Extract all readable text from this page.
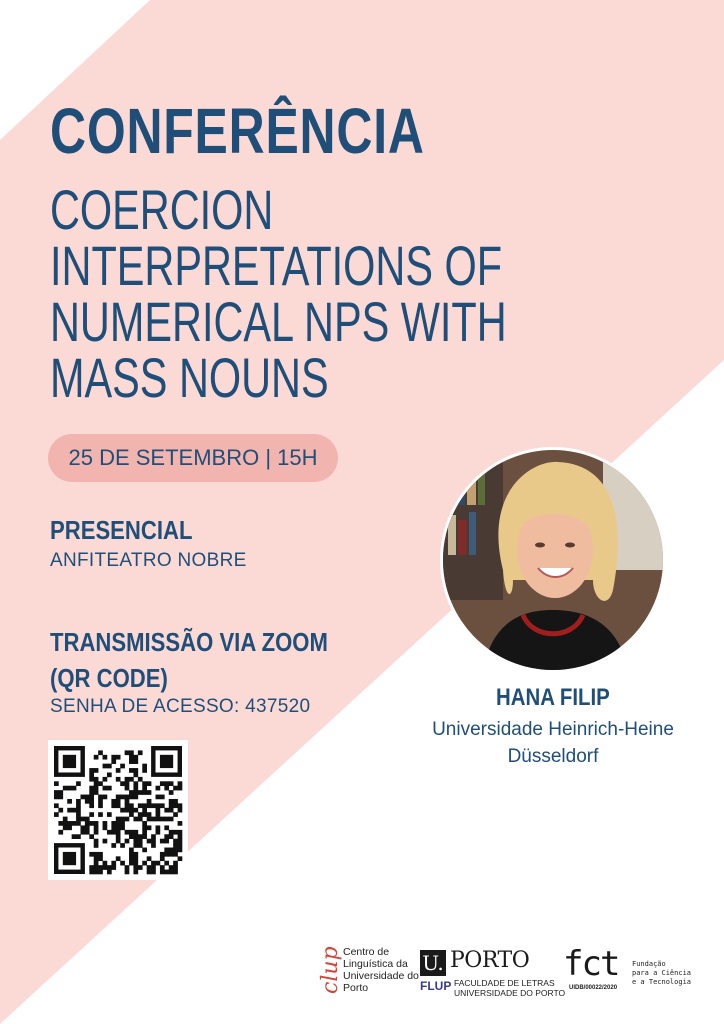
CONFERÊNCIA
COERCION
INTERPRETATIONS OF
NUMERICAL NPS WITH
MASS NOUNS
25 DE SETEMBRO | 15H
PRESENCIAL
ANFITEATRO NOBRE
TRANSMISSÃO VIA ZOOM
(QR CODE)
SENHA DE ACESSO: 437520	HANA FILIP
Universidade Heinrich-Heine
Düsseldorf
clup Centro de
Linguística da
Universidade do
Porto
U. PORTO
FLUP FACULDADE DE LETRAS
UNIVERSIDADE DO PORTO
fct
UIDB/00022/2020
Fundação
para a Ciência
e a Tecnologia
